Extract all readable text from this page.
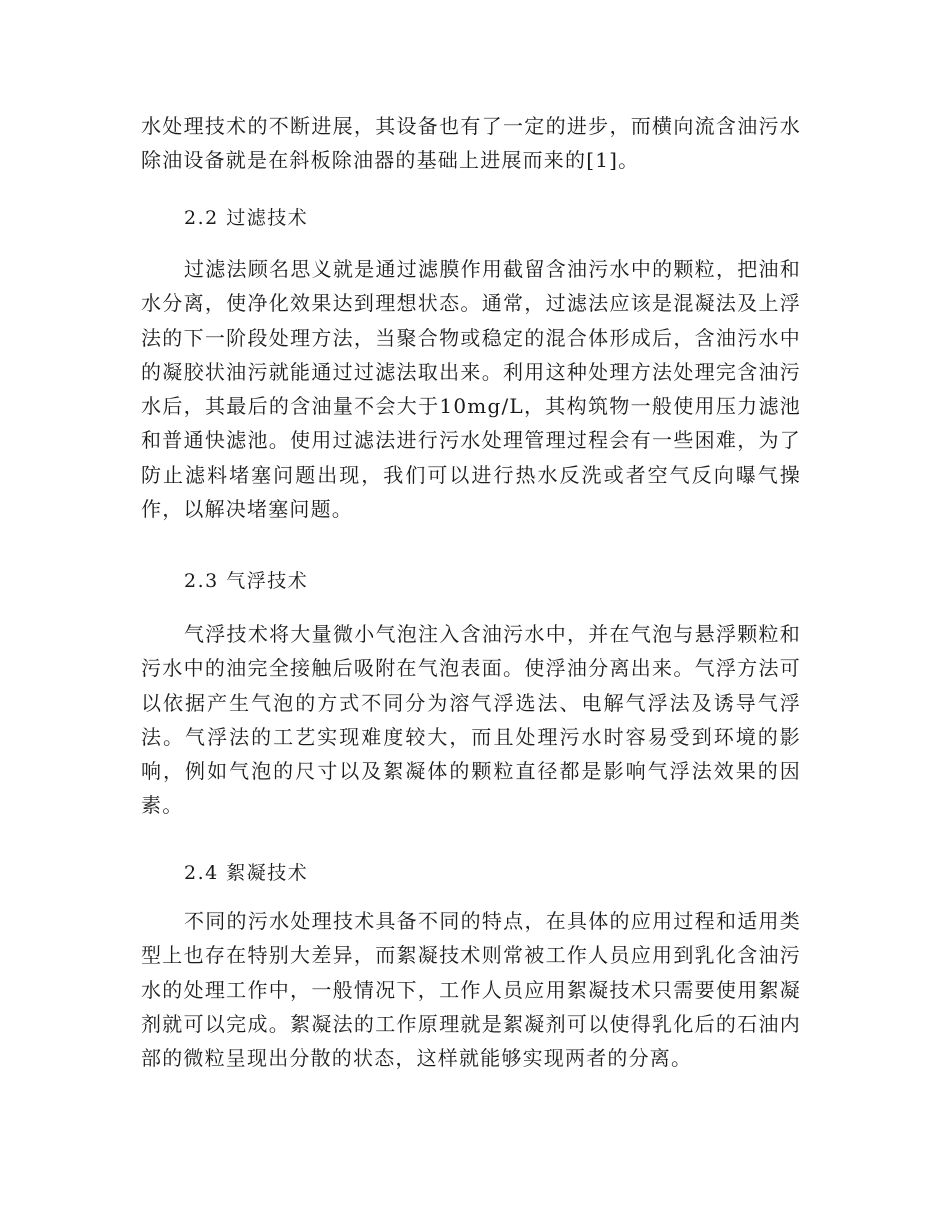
水处理技术的不断进展，其设备也有了一定的进步，而横向流含油污水除油设备就是在斜板除油器的基础上进展而来的[1]。

2.2 过滤技术

过滤法顾名思义就是通过滤膜作用截留含油污水中的颗粒，把油和水分离，使净化效果达到理想状态。通常，过滤法应该是混凝法及上浮法的下一阶段处理方法，当聚合物或稳定的混合体形成后，含油污水中的凝胶状油污就能通过过滤法取出来。利用这种处理方法处理完含油污水后，其最后的含油量不会大于10mg/L，其构筑物一般使用压力滤池和普通快滤池。使用过滤法进行污水处理管理过程会有一些困难，为了防止滤料堵塞问题出现，我们可以进行热水反洗或者空气反向曝气操作，以解决堵塞问题。

2.3 气浮技术

气浮技术将大量微小气泡注入含油污水中，并在气泡与悬浮颗粒和污水中的油完全接触后吸附在气泡表面。使浮油分离出来。气浮方法可以依据产生气泡的方式不同分为溶气浮选法、电解气浮法及诱导气浮法。气浮法的工艺实现难度较大，而且处理污水时容易受到环境的影响，例如气泡的尺寸以及絮凝体的颗粒直径都是影响气浮法效果的因素。

2.4 絮凝技术

不同的污水处理技术具备不同的特点，在具体的应用过程和适用类型上也存在特别大差异，而絮凝技术则常被工作人员应用到乳化含油污水的处理工作中，一般情况下，工作人员应用絮凝技术只需要使用絮凝剂就可以完成。絮凝法的工作原理就是絮凝剂可以使得乳化后的石油内部的微粒呈现出分散的状态，这样就能够实现两者的分离。
